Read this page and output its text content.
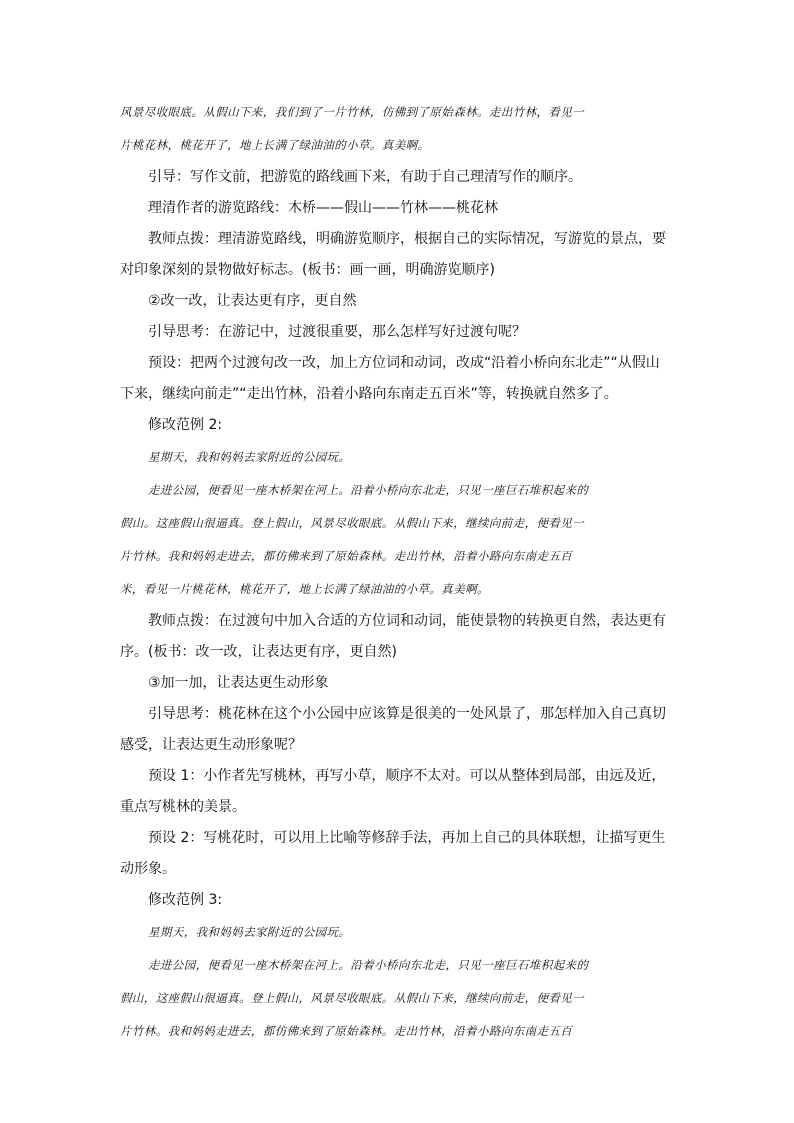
风景尽收眼底。从假山下来，我们到了一片竹林，仿佛到了原始森林。走出竹林，看见一

片桃花林，桃花开了，地上长满了绿油油的小草。真美啊。

引导：写作文前，把游览的路线画下来，有助于自己理清写作的顺序。

理清作者的游览路线：木桥——假山——竹林——桃花林

教师点拨：理清游览路线，明确游览顺序，根据自己的实际情况，写游览的景点，要

对印象深刻的景物做好标志。(板书：画一画，明确游览顺序)

②改一改，让表达更有序，更自然

引导思考：在游记中，过渡很重要，那么怎样写好过渡句呢？

预设：把两个过渡句改一改，加上方位词和动词，改成“沿着小桥向东北走”“从假山

下来，继续向前走”“走出竹林，沿着小路向东南走五百米”等，转换就自然多了。

修改范例 2:

星期天，我和妈妈去家附近的公园玩。

走进公园，便看见一座木桥架在河上。沿着小桥向东北走，只见一座巨石堆积起来的

假山。这座假山很逼真。登上假山，风景尽收眼底。从假山下来，继续向前走，便看见一

片竹林。我和妈妈走进去，都仿佛来到了原始森林。走出竹林，沿着小路向东南走五百

米，看见一片桃花林，桃花开了，地上长满了绿油油的小草。真美啊。

教师点拨：在过渡句中加入合适的方位词和动词，能使景物的转换更自然，表达更有

序。(板书：改一改，让表达更有序，更自然)

③加一加，让表达更生动形象

引导思考：桃花林在这个小公园中应该算是很美的一处风景了，那怎样加入自己真切

感受，让表达更生动形象呢？

预设 1：小作者先写桃林，再写小草，顺序不太对。可以从整体到局部，由远及近，

重点写桃林的美景。

预设 2：写桃花时，可以用上比喻等修辞手法，再加上自己的具体联想，让描写更生

动形象。

修改范例 3:

星期天，我和妈妈去家附近的公园玩。

走进公园，便看见一座木桥架在河上。沿着小桥向东北走，只见一座巨石堆积起来的

假山，这座假山很逼真。登上假山，风景尽收眼底。从假山下来，继续向前走，便看见一

片竹林。我和妈妈走进去，都仿佛来到了原始森林。走出竹林，沿着小路向东南走五百
